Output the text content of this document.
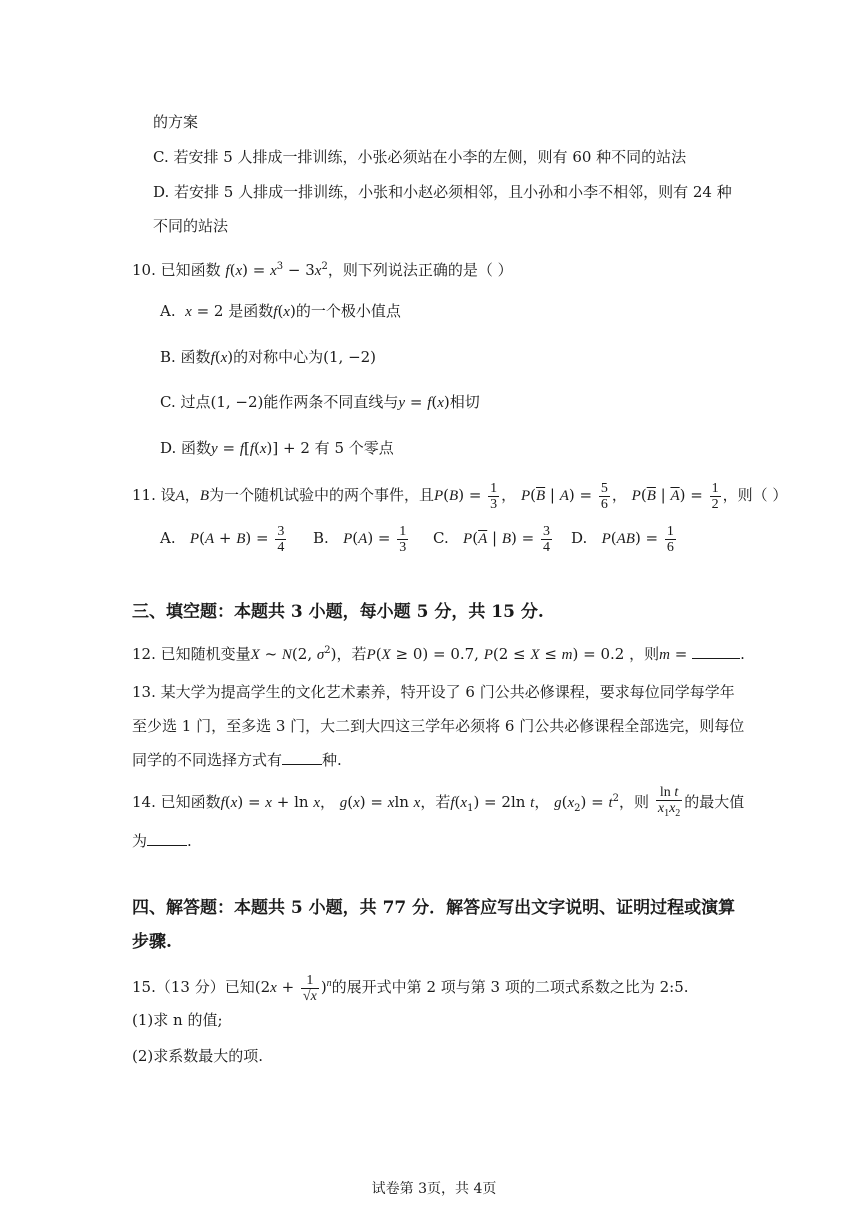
的方案
C. 若安排 5 人排成一排训练，小张必须站在小李的左侧，则有 60 种不同的站法
D. 若安排 5 人排成一排训练，小张和小赵必须相邻，且小孙和小李不相邻，则有 24 种
不同的站法
10. 已知函数 $f(x) = x^3 - 3x^2$，则下列说法正确的是（ ）
A. x = 2 是函数f(x)的一个极小值点
B. 函数f(x)的对称中心为(1, −2)
C. 过点(1, −2)能作两条不同直线与y = f(x)相切
D. 函数y = f[f(x)] + 2 有 5 个零点
11. 设A，B为一个随机试验中的两个事件，且$P(B) = \frac{1}{3}$ ， $P(\overline{B}$ | $A) = \frac{5}{6}$ ， $P(\overline{B}$ | $\overline{A}) = \frac{1}{2}$ ，则（ ）
A. $P(A + B) = \frac{3}{4} B$. $P(A) = \frac{1}{3} C$. $P(\overline{A}$ | $B) = \frac{3}{4} D$. $P(AB) = \frac{1}{6}$
三、填空题：本题共 3 小题，每小题 5 分，共 15 分.
12. 已知随机变量X ~ N(2, $\sigma^2$)，若P(X ≥ 0) = 0.7, P(2 ≤ X ≤ m) = 0.2 ，则m =	.
13. 某大学为提高学生的文化艺术素养，特开设了 6 门公共必修课程，要求每位同学每学年
至少选 1 门，至多选 3 门，大二到大四这三学年必须将 6 门公共必修课程全部选完，则每位
同学的不同选择方式有	种.
14. 已知函数f(x) = x + ln x， g(x) = xln x，若$f(x_1) = 2\ln$ t， $g(x_2) = t^2$，则 $\frac{\text{ln t}}{x_1x_2}$ 的最大值
为	.
四、解答题：本题共 5 小题，共 77 分．解答应写出文字说明、证明过程或演算
步骤.
15.（13 分）已知$(2x + \frac{1}{√x} )^n$的展开式中第 2 项与第 3 项的二项式系数之比为 2:5.
(1)求 n 的值;
(2)求系数最大的项.
试卷第 3页，共 4页
